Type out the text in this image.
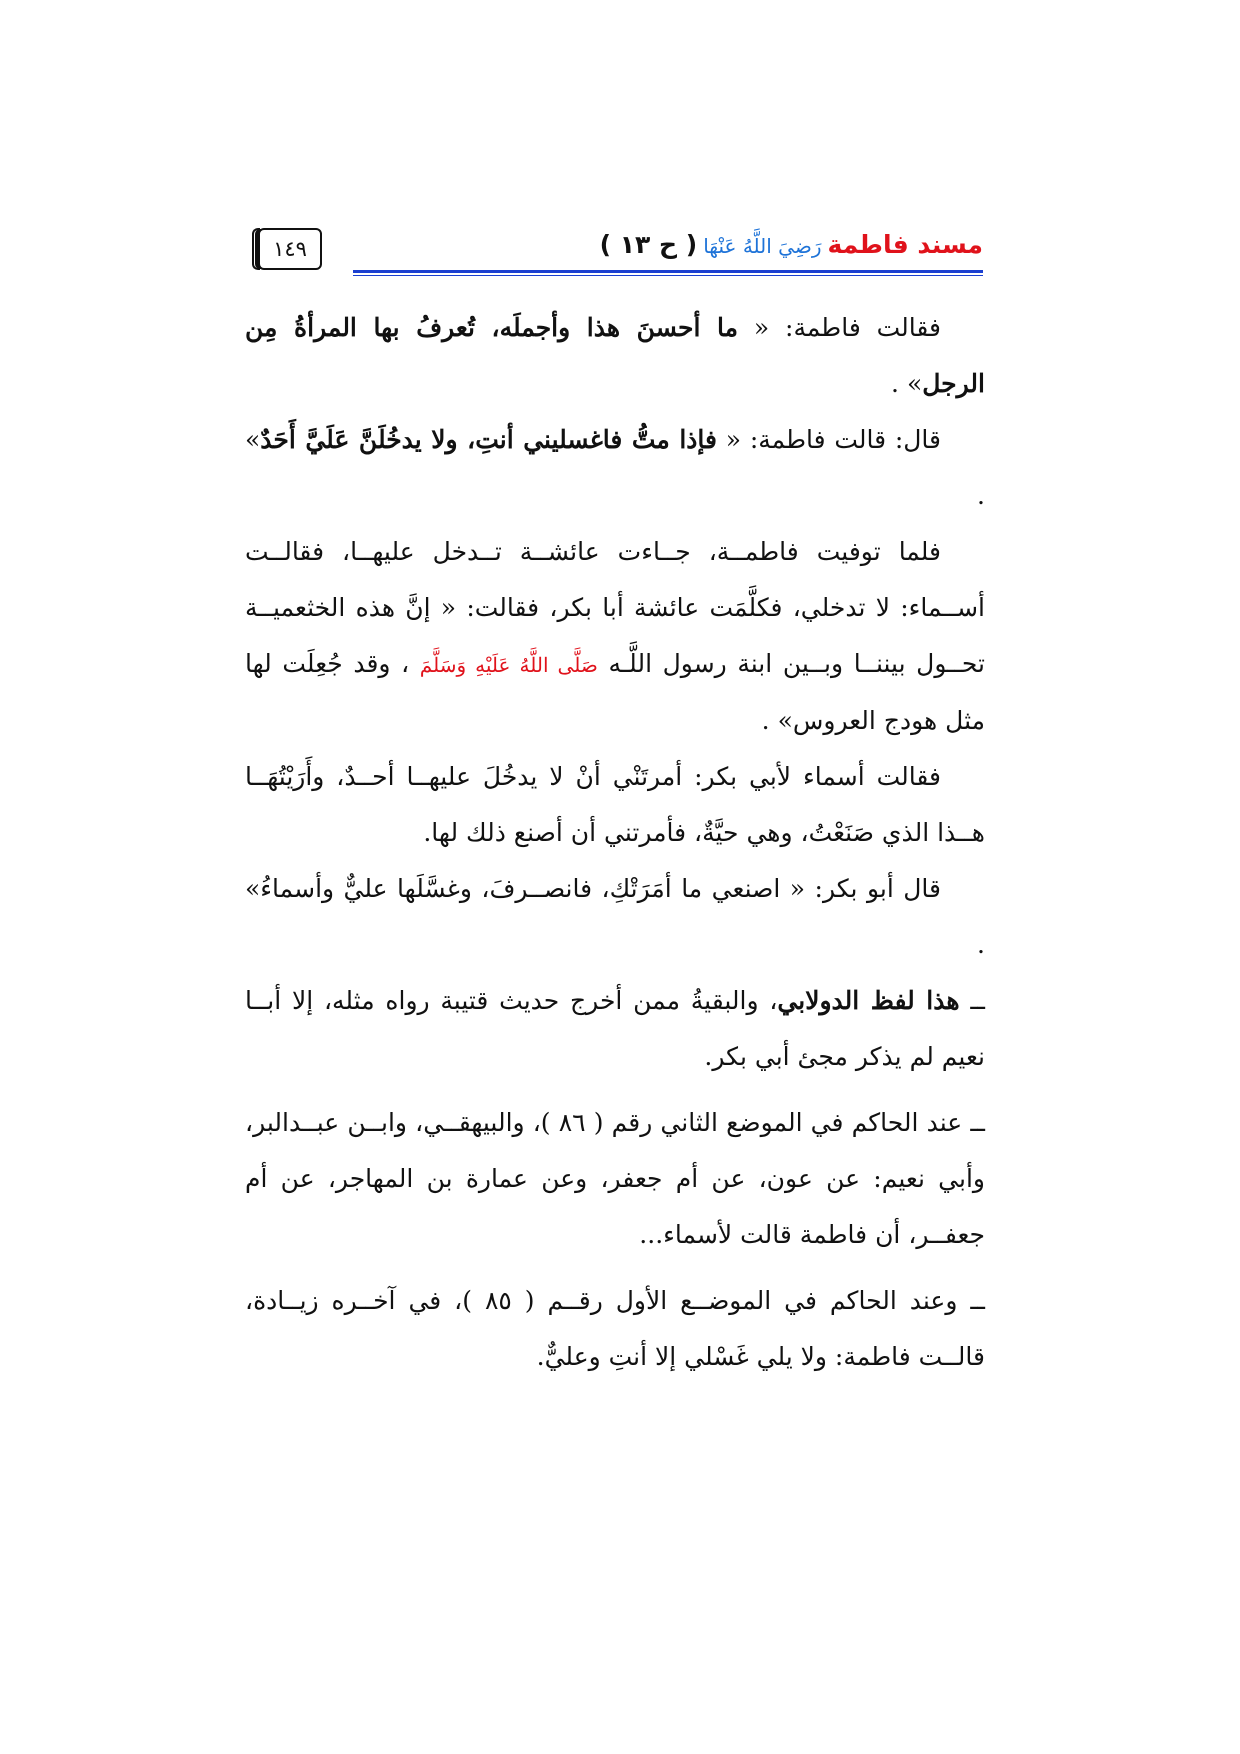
مسند فاطمةرَضِيَ اللَّهُ عَنْهَا( ح ١٣ )
١٤٩

فقالت فاطمة: « ما أحسنَ هذا وأجملَه، تُعرفُ بها المرأةُ مِن الرجل» .

قال: قالت فاطمة: « فإذا متُّ فاغسليني أنتِ، ولا يدخُلَنَّ عَلَيَّ أَحَدٌ» .

فلما توفيت فاطمــة، جــاءت عائشــة تــدخل عليهــا، فقالــت أســماء: لا تدخلي، فكلَّمَت عائشة أبا بكر، فقالت: « إنَّ هذه الخثعميــة تحــول بيننــا وبــين ابنة رسول اللَّـه صَلَّى اللَّهُ عَلَيْهِ وَسَلَّمَ ، وقد جُعِلَت لها مثل هودج العروس» .

فقالت أسماء لأبي بكر: أمرتَنْي أنْ لا يدخُلَ عليهــا أحــدٌ، وأَرَيْتُهَــا هــذا الذي صَنَعْتُ، وهي حيَّةٌ، فأمرتني أن أصنع ذلك لها.

قال أبو بكر: « اصنعي ما أمَرَتْكِ، فانصــرفَ، وغسَّلَها عليٌّ وأسماءُ» .

ــ هذا لفظ الدولابي، والبقيةُ ممن أخرج حديث قتيبة رواه مثله، إلا أبــا نعيم لم يذكر مجئ أبي بكر.

ــ عند الحاكم في الموضع الثاني رقم ( ٨٦ )، والبيهقــي، وابــن عبــدالبر، وأبي نعيم: عن عون، عن أم جعفر، وعن عمارة بن المهاجر، عن أم جعفــر، أن فاطمة قالت لأسماء...

ــ وعند الحاكم في الموضــع الأول رقــم ( ٨٥ )، في آخــره زيــادة، قالــت فاطمة: ولا يلي غَسْلي إلا أنتِ وعليٌّ.
